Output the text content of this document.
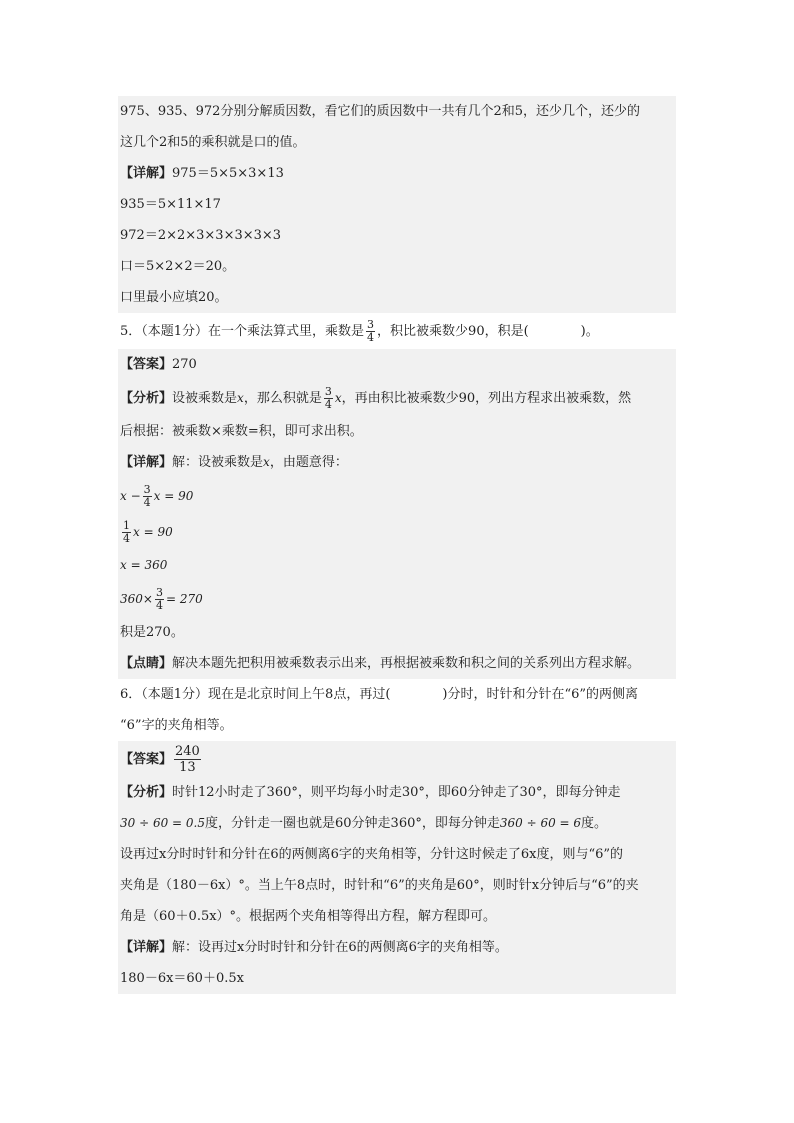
975、935、972分别分解质因数，看它们的质因数中一共有几个2和5，还少几个，还少的
这几个2和5的乘积就是口的值。
【详解】 975＝5×5×3×13
935＝5×11×17
972＝2×2×3×3×3×3×3
口＝5×2×2＝20。
口里最小应填20。
5．（本题1分）在一个乘法算式里，乘数是 $\frac{3}{4}$ ，积比被乘数少90，积是(	)。
【答案】 270
【分析】 设被乘数是 x ，那么积就是 $\frac{3}{4}$ x ，再由积比被乘数少90，列出方程求出被乘数，然
后根据：被乘数×乘数=积，即可求出积。
【详解】 解：设被乘数是 x ，由题意得：
$x - \frac{3}{4}$ x = 90
$\frac{1}{4}$ x = 90
x = 360
$360\times \frac{3}{4} = 270$
积是270。
【点睛】 解决本题先把积用被乘数表示出来，再根据被乘数和积之间的关系列出方程求解。
6．（本题1分）现在是北京时间上午8点，再过(	)分时，时针和分针在“6”的两侧离
“6”字的夹角相等。
【答案】 $\frac{240}{13}$
【分析】 时针12小时走了360°，则平均每小时走30°，即60分钟走了30°，即每分钟走
30 ÷ 60 = 0.5 度，分针走一圈也就是60分钟走360°，即每分钟走 360 ÷ 60 = 6 度。
设再过x分时时针和分针在6的两侧离6字的夹角相等，分针这时候走了6x度，则与“6”的
夹角是（180－6x）°。当上午8点时，时针和“6”的夹角是60°，则时针x分钟后与“6”的夹
角是（60＋0.5x）°。根据两个夹角相等得出方程，解方程即可。
【详解】 解：设再过x分时时针和分针在6的两侧离6字的夹角相等。
180－6x＝60＋0.5x
